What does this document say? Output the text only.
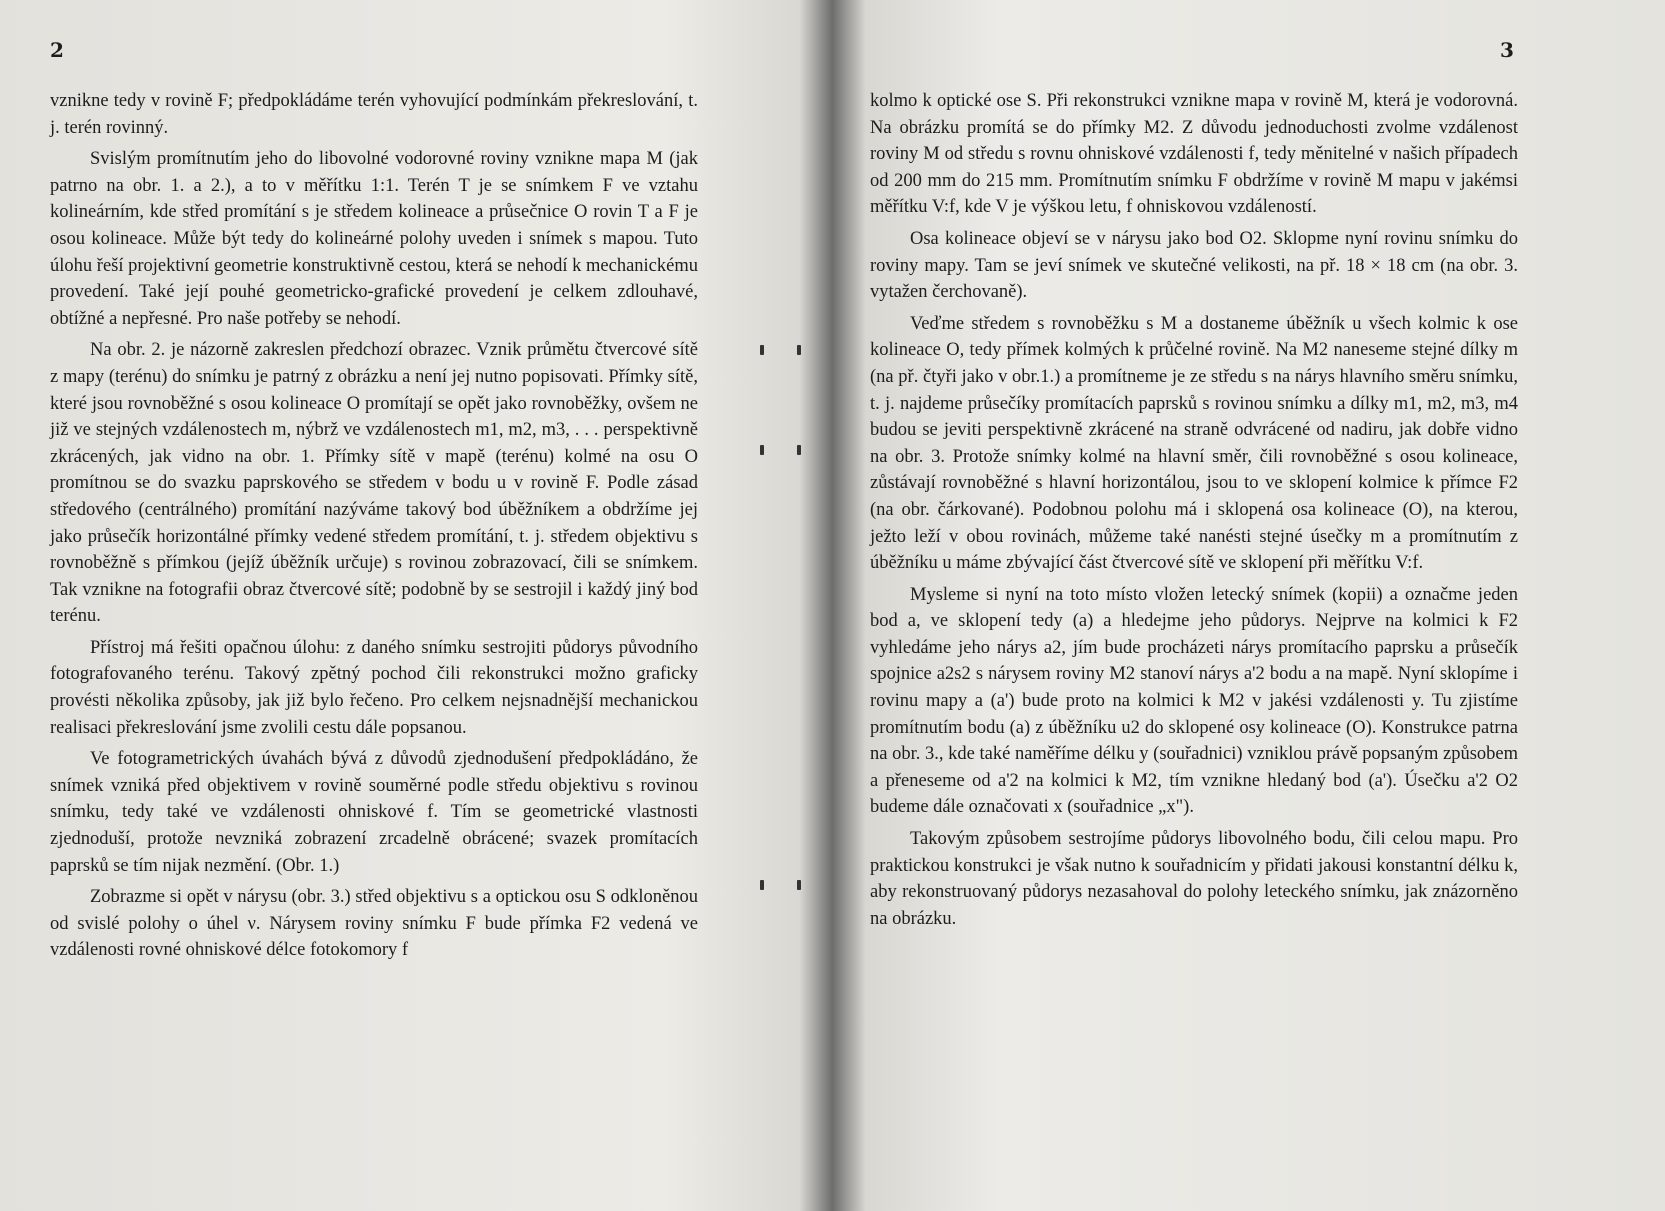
2

vznikne tedy v rovině F; předpokládáme terén vyhovující podmínkám překreslování, t. j. terén rovinný.

Svislým promítnutím jeho do libovolné vodorovné roviny vznikne mapa M (jak patrno na obr. 1. a 2.), a to v měřítku 1:1. Terén T je se snímkem F ve vztahu kolineárním, kde střed promítání s je středem kolineace a průsečnice O rovin T a F je osou kolineace. Může být tedy do kolineárné polohy uveden i snímek s mapou. Tuto úlohu řeší projektivní geometrie konstruktivně cestou, která se nehodí k mechanickému provedení. Také její pouhé geometricko-grafické provedení je celkem zdlouhavé, obtížné a nepřesné. Pro naše potřeby se nehodí.

Na obr. 2. je názorně zakreslen předchozí obrazec. Vznik průmětu čtvercové sítě z mapy (terénu) do snímku je patrný z obrázku a není jej nutno popisovati. Přímky sítě, které jsou rovnoběžné s osou kolineace O promítají se opět jako rovnoběžky, ovšem ne již ve stejných vzdálenostech m, nýbrž ve vzdálenostech m1, m2, m3, . . . perspektivně zkrácených, jak vidno na obr. 1. Přímky sítě v mapě (terénu) kolmé na osu O promítnou se do svazku paprskového se středem v bodu u v rovině F. Podle zásad středového (centrálného) promítání nazýváme takový bod úběžníkem a obdržíme jej jako průsečík horizontálné přímky vedené středem promítání, t. j. středem objektivu s rovnoběžně s přímkou (jejíž úběžník určuje) s rovinou zobrazovací, čili se snímkem. Tak vznikne na fotografii obraz čtvercové sítě; podobně by se sestrojil i každý jiný bod terénu.

Přístroj má řešiti opačnou úlohu: z daného snímku sestrojiti půdorys původního fotografovaného terénu. Takový zpětný pochod čili rekonstrukci možno graficky provésti několika způsoby, jak již bylo řečeno. Pro celkem nejsnadnější mechanickou realisaci překreslování jsme zvolili cestu dále popsanou.

Ve fotogrametrických úvahách bývá z důvodů zjednodušení předpokládáno, že snímek vzniká před objektivem v rovině souměrné podle středu objektivu s rovinou snímku, tedy také ve vzdálenosti ohniskové f. Tím se geometrické vlastnosti zjednoduší, protože nevzniká zobrazení zrcadelně obrácené; svazek promítacích paprsků se tím nijak nezmění. (Obr. 1.)

Zobrazme si opět v nárysu (obr. 3.) střed objektivu s a optickou osu S odkloněnou od svislé polohy o úhel ν. Nárysem roviny snímku F bude přímka F2 vedená ve vzdálenosti rovné ohniskové délce fotokomory f

3

kolmo k optické ose S. Při rekonstrukci vznikne mapa v rovině M, která je vodorovná. Na obrázku promítá se do přímky M2. Z důvodu jednoduchosti zvolme vzdálenost roviny M od středu s rovnu ohniskové vzdálenosti f, tedy měnitelné v našich případech od 200 mm do 215 mm. Promítnutím snímku F obdržíme v rovině M mapu v jakémsi měřítku V:f, kde V je výškou letu, f ohniskovou vzdáleností.

Osa kolineace objeví se v nárysu jako bod O2. Sklopme nyní rovinu snímku do roviny mapy. Tam se jeví snímek ve skutečné velikosti, na př. 18 × 18 cm (na obr. 3. vytažen čerchovaně).

Veďme středem s rovnoběžku s M a dostaneme úběžník u všech kolmic k ose kolineace O, tedy přímek kolmých k průčelné rovině. Na M2 naneseme stejné dílky m (na př. čtyři jako v obr.1.) a promítneme je ze středu s na nárys hlavního směru snímku, t. j. najdeme průsečíky promítacích paprsků s rovinou snímku a dílky m1, m2, m3, m4 budou se jeviti perspektivně zkrácené na straně odvrácené od nadiru, jak dobře vidno na obr. 3. Protože snímky kolmé na hlavní směr, čili rovnoběžné s osou kolineace, zůstávají rovnoběžné s hlavní horizontálou, jsou to ve sklopení kolmice k přímce F2 (na obr. čárkované). Podobnou polohu má i sklopená osa kolineace (O), na kterou, ježto leží v obou rovinách, můžeme také nanésti stejné úsečky m a promítnutím z úběžníku u máme zbývající část čtvercové sítě ve sklopení při měřítku V:f.

Mysleme si nyní na toto místo vložen letecký snímek (kopii) a označme jeden bod a, ve sklopení tedy (a) a hledejme jeho půdorys. Nejprve na kolmici k F2 vyhledáme jeho nárys a2, jím bude procházeti nárys promítacího paprsku a průsečík spojnice a2s2 s nárysem roviny M2 stanoví nárys a'2 bodu a na mapě. Nyní sklopíme i rovinu mapy a (a') bude proto na kolmici k M2 v jakési vzdálenosti y. Tu zjistíme promítnutím bodu (a) z úběžníku u2 do sklopené osy kolineace (O). Konstrukce patrna na obr. 3., kde také naměříme délku y (souřadnici) vzniklou právě popsaným způsobem a přeneseme od a'2 na kolmici k M2, tím vznikne hledaný bod (a'). Úsečku a'2 O2 budeme dále označovati x (souřadnice „x").

Takovým způsobem sestrojíme půdorys libovolného bodu, čili celou mapu. Pro praktickou konstrukci je však nutno k souřadnicím y přidati jakousi konstantní délku k, aby rekonstruovaný půdorys nezasahoval do polohy leteckého snímku, jak znázorněno na obrázku.
